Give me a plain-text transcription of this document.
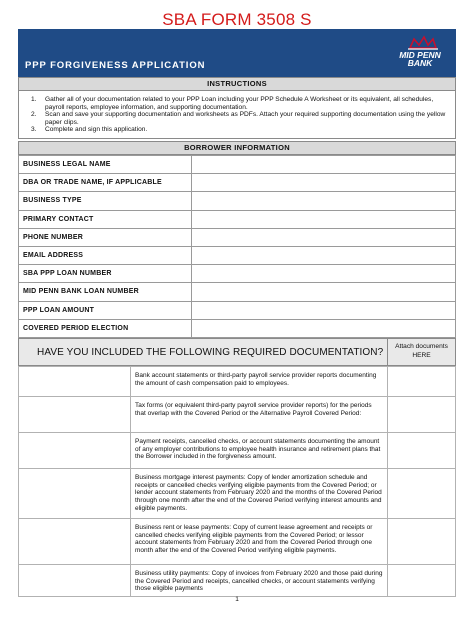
SBA FORM 3508 S
PPP FORGIVENESS APPLICATION
MID PENN
BANK
INSTRUCTIONS
1.	Gather all of your documentation related to your PPP Loan including your PPP Schedule A Worksheet or its equivalent, all schedules, payroll reports, employee information, and supporting documentation.
2.	Scan and save your supporting documentation and worksheets as PDFs. Attach your required supporting documentation using the yellow paper clips.
3.	Complete and sign this application.
BORROWER INFORMATION
BUSINESS LEGAL NAME	
DBA OR TRADE NAME, IF APPLICABLE	
BUSINESS TYPE	
PRIMARY CONTACT	
PHONE NUMBER	
EMAIL ADDRESS	
SBA PPP LOAN NUMBER	
MID PENN BANK LOAN NUMBER	
PPP LOAN AMOUNT	
COVERED PERIOD ELECTION	
HAVE YOU INCLUDED THE FOLLOWING REQUIRED DOCUMENTATION?	Attach documents
HERE
	Bank account statements or third-party payroll service provider reports documenting the amount of cash compensation paid to employees.	
	Tax forms (or equivalent third-party payroll service provider reports) for the periods that overlap with the Covered Period or the Alternative Payroll Covered Period:	
	Payment receipts, cancelled checks, or account statements documenting the amount of any employer contributions to employee health insurance and retirement plans that the Borrower included in the forgiveness amount.	
	Business mortgage interest payments: Copy of lender amortization schedule and receipts or cancelled checks verifying eligible payments from the Covered Period; or lender account statements from February 2020 and the months of the Covered Period through one month after the end of the Covered Period verifying interest amounts and eligible payments.	
	Business rent or lease payments: Copy of current lease agreement and receipts or cancelled checks verifying eligible payments from the Covered Period; or lessor account statements from February 2020 and from the Covered Period through one month after the end of the Covered Period verifying eligible payments.	
	Business utility payments: Copy of invoices from February 2020 and those paid during the Covered Period and receipts, cancelled checks, or account statements verifying those eligible payments	
1
